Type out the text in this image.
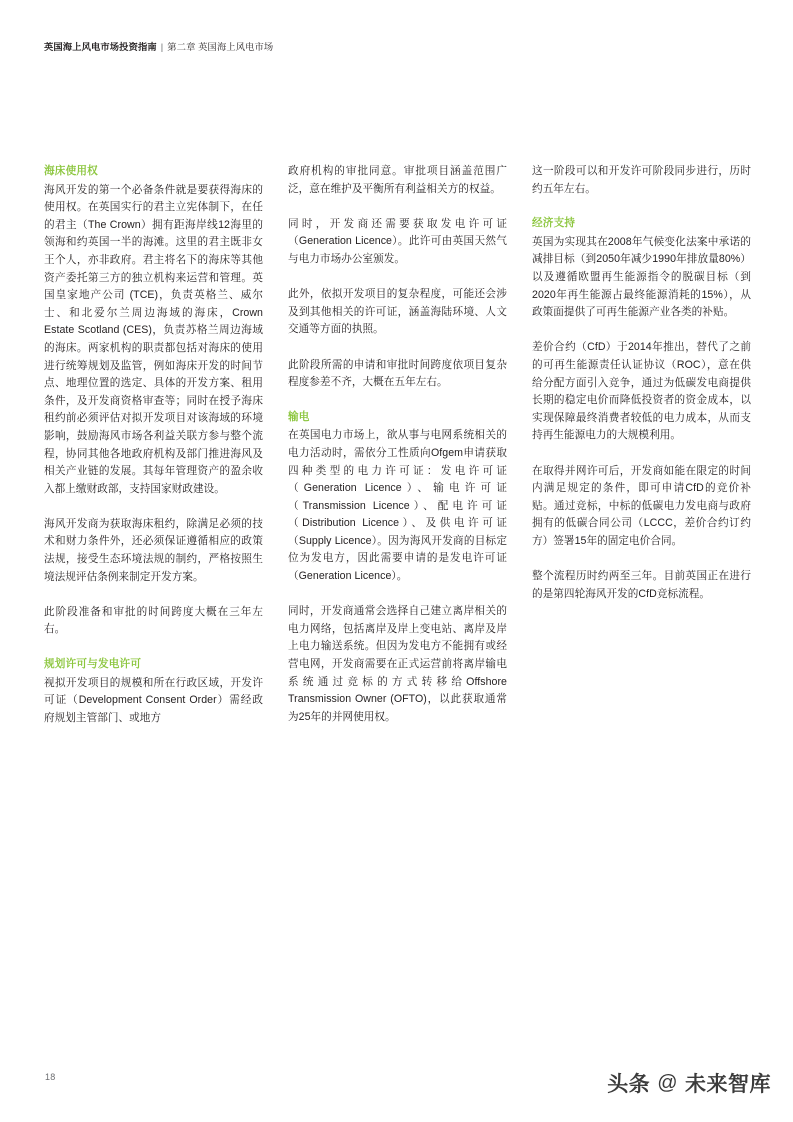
英国海上风电市场投资指南 | 第二章 英国海上风电市场
海床使用权

海风开发的第一个必备条件就是要获得海床的使用权。在英国实行的君主立宪体制下，在任的君主（The Crown）拥有距海岸线12海里的领海和约英国一半的海滩。这里的君主既非女王个人，亦非政府。君主将名下的海床等其他资产委托第三方的独立机构来运营和管理。英国皇家地产公司 (TCE)，负责英格兰、威尔士、和北爱尔兰周边海域的海床，Crown Estate Scotland (CES)，负责苏格兰周边海域的海床。两家机构的职责都包括对海床的使用进行统筹规划及监管，例如海床开发的时间节点、地理位置的选定、具体的开发方案、租用条件，及开发商资格审查等；同时在授予海床租约前必须评估对拟开发项目对该海域的环境影响，鼓励海风市场各利益关联方参与整个流程，协同其他各地政府机构及部门推进海风及相关产业链的发展。其每年管理资产的盈余收入都上缴财政部，支持国家财政建设。

海风开发商为获取海床租约，除满足必须的技术和财力条件外，还必须保证遵循相应的政策法规，接受生态环境法规的制约，严格按照生境法规评估条例来制定开发方案。

此阶段准备和审批的时间跨度大概在三年左右。

规划许可与发电许可

视拟开发项目的规模和所在行政区域，开发许可证（Development Consent Order）需经政府规划主管部门、或地方

政府机构的审批同意。审批项目涵盖范围广泛，意在维护及平衡所有利益相关方的权益。

同时，开发商还需要获取发电许可证（Generation Licence）。此许可由英国天然气与电力市场办公室颁发。

此外，依拟开发项目的复杂程度，可能还会涉及到其他相关的许可证，涵盖海陆环境、人文交通等方面的执照。

此阶段所需的申请和审批时间跨度依项目复杂程度参差不齐，大概在五年左右。

输电

在英国电力市场上，欲从事与电网系统相关的电力活动时，需依分工性质向Ofgem申请获取四种类型的电力许可证：发电许可证（Generation Licence）、输电许可证（Transmission Licence）、配电许可证（Distribution Licence）、及供电许可证（Supply Licence）。因为海风开发商的目标定位为发电方，因此需要申请的是发电许可证（Generation Licence）。

同时，开发商通常会选择自己建立离岸相关的电力网络，包括离岸及岸上变电站、离岸及岸上电力输送系统。但因为发电方不能拥有或经营电网，开发商需要在正式运营前将离岸输电系统通过竞标的方式转移给Offshore Transmission Owner (OFTO)，以此获取通常为25年的并网使用权。

这一阶段可以和开发许可阶段同步进行，历时约五年左右。

经济支持

英国为实现其在2008年气候变化法案中承诺的减排目标（到2050年减少1990年排放量80%）以及遵循欧盟再生能源指令的脱碳目标（到2020年再生能源占最终能源消耗的15%），从政策面提供了可再生能源产业各类的补贴。

差价合约（CfD）于2014年推出，替代了之前的可再生能源责任认证协议（ROC），意在供给分配方面引入竞争，通过为低碳发电商提供长期的稳定电价而降低投资者的资金成本，以实现保障最终消费者较低的电力成本，从而支持再生能源电力的大规模利用。

在取得并网许可后，开发商如能在限定的时间内满足规定的条件，即可申请CfD的竞价补贴。通过竞标，中标的低碳电力发电商与政府拥有的低碳合同公司（LCCC，差价合约订约方）签署15年的固定电价合同。

整个流程历时约两至三年。目前英国正在进行的是第四轮海风开发的CfD竞标流程。

18	头条 @ 未来智库
